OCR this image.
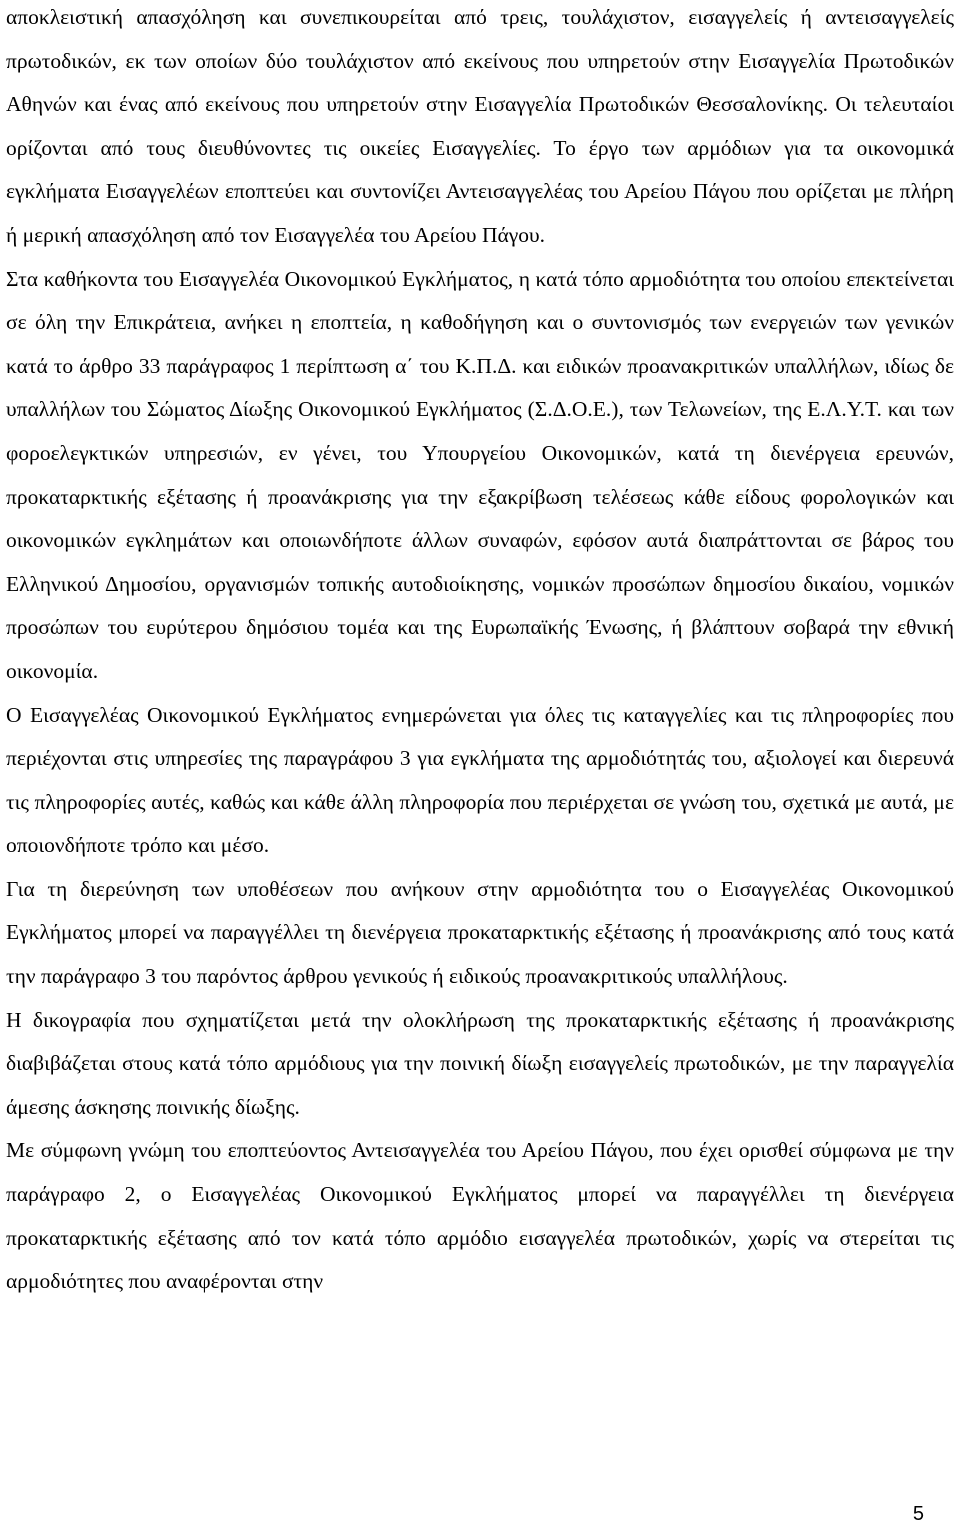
αποκλειστική απασχόληση και συνεπικουρείται από τρεις, τουλάχιστον, εισαγγελείς ή αντεισαγγελείς πρωτοδικών, εκ των οποίων δύο τουλάχιστον από εκείνους που υπηρετούν στην Εισαγγελία Πρωτοδικών Αθηνών και ένας από εκείνους που υπηρετούν στην Εισαγγελία Πρωτοδικών Θεσσαλονίκης. Οι τελευταίοι ορίζονται από τους διευθύνοντες τις οικείες Εισαγγελίες. Το έργο των αρμόδιων για τα οικονομικά εγκλήματα Εισαγγελέων εποπτεύει και συντονίζει Αντεισαγγελέας του Αρείου Πάγου που ορίζεται με πλήρη ή μερική απασχόληση από τον Εισαγγελέα του Αρείου Πάγου.

Στα καθήκοντα του Εισαγγελέα Οικονομικού Εγκλήματος, η κατά τόπο αρμοδιότητα του οποίου επεκτείνεται σε όλη την Επικράτεια, ανήκει η εποπτεία, η καθοδήγηση και ο συντονισμός των ενεργειών των γενικών κατά το άρθρο 33 παράγραφος 1 περίπτωση α΄ του Κ.Π.Δ. και ειδικών προανακριτικών υπαλλήλων, ιδίως δε υπαλλήλων του Σώματος Δίωξης Οικονομικού Εγκλήματος (Σ.Δ.Ο.Ε.), των Τελωνείων, της Ε.Λ.Υ.Τ. και των φοροελεγκτικών υπηρεσιών, εν γένει, του Υπουργείου Οικονομικών, κατά τη διενέργεια ερευνών, προκαταρκτικής εξέτασης ή προανάκρισης για την εξακρίβωση τελέσεως κάθε είδους φορολογικών και οικονομικών εγκλημάτων και οποιωνδήποτε άλλων συναφών, εφόσον αυτά διαπράττονται σε βάρος του Ελληνικού Δημοσίου, οργανισμών τοπικής αυτοδιοίκησης, νομικών προσώπων δημοσίου δικαίου, νομικών προσώπων του ευρύτερου δημόσιου τομέα και της Ευρωπαϊκής Ένωσης, ή βλάπτουν σοβαρά την εθνική οικονομία.

Ο Εισαγγελέας Οικονομικού Εγκλήματος ενημερώνεται για όλες τις καταγγελίες και τις πληροφορίες που περιέχονται στις υπηρεσίες της παραγράφου 3 για εγκλήματα της αρμοδιότητάς του, αξιολογεί και διερευνά τις πληροφορίες αυτές, καθώς και κάθε άλλη πληροφορία που περιέρχεται σε γνώση του, σχετικά με αυτά, με οποιονδήποτε τρόπο και μέσο.

Για τη διερεύνηση των υποθέσεων που ανήκουν στην αρμοδιότητα του ο Εισαγγελέας Οικονομικού Εγκλήματος μπορεί να παραγγέλλει τη διενέργεια προκαταρκτικής εξέτασης ή προανάκρισης από τους κατά την παράγραφο 3 του παρόντος άρθρου γενικούς ή ειδικούς προανακριτικούς υπαλλήλους.

Η δικογραφία που σχηματίζεται μετά την ολοκλήρωση της προκαταρκτικής εξέτασης ή προανάκρισης διαβιβάζεται στους κατά τόπο αρμόδιους για την ποινική δίωξη εισαγγελείς πρωτοδικών, με την παραγγελία άμεσης άσκησης ποινικής δίωξης.

Με σύμφωνη γνώμη του εποπτεύοντος Αντεισαγγελέα του Αρείου Πάγου, που έχει ορισθεί σύμφωνα με την παράγραφο 2, ο Εισαγγελέας Οικονομικού Εγκλήματος μπορεί να παραγγέλλει τη διενέργεια προκαταρκτικής εξέτασης από τον κατά τόπο αρμόδιο εισαγγελέα πρωτοδικών, χωρίς να στερείται τις αρμοδιότητες που αναφέρονται στην

5
